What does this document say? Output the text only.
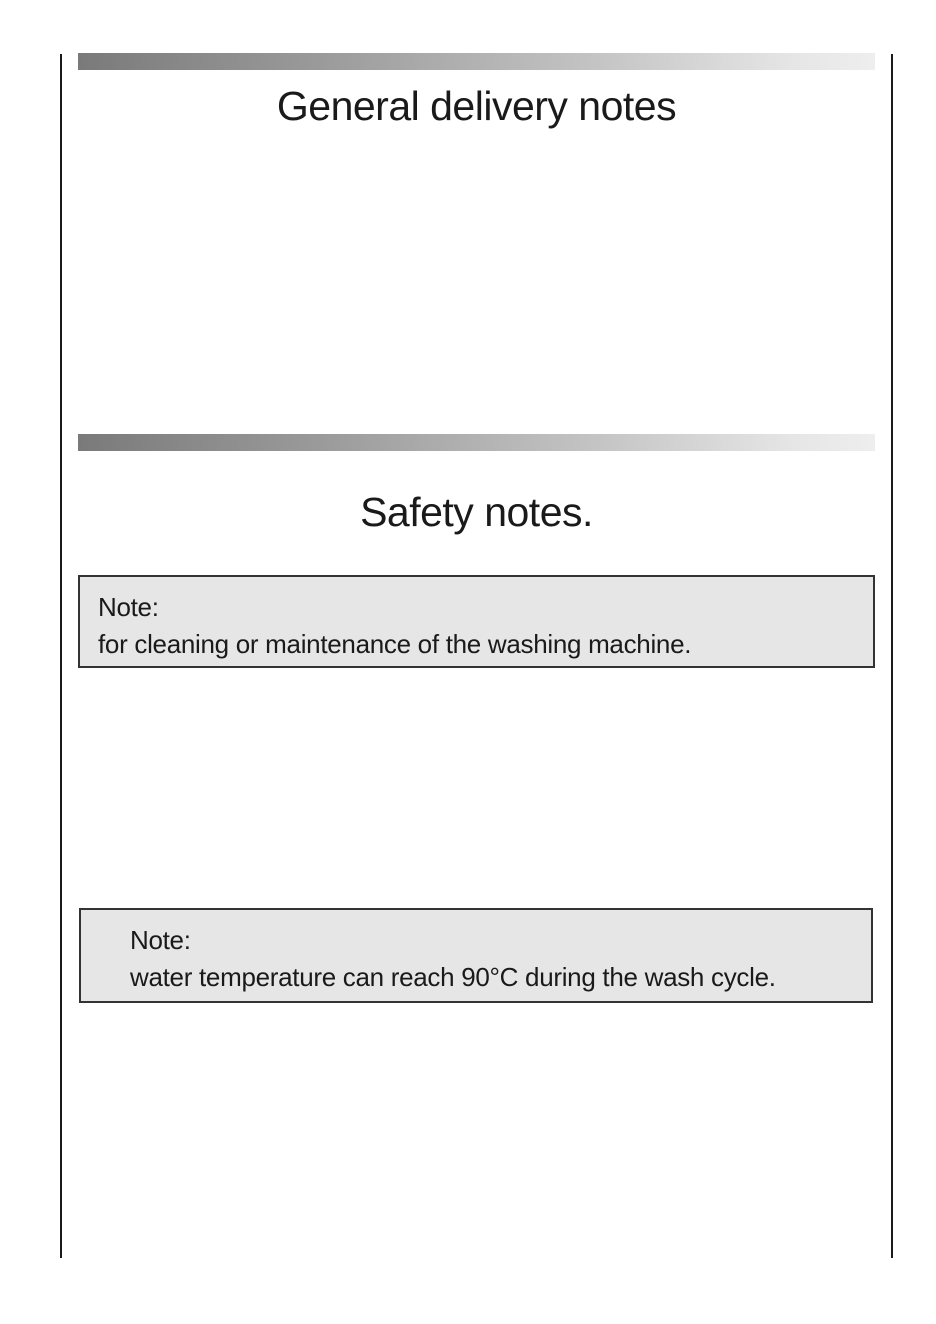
General delivery notes
Safety notes.
Note:
for cleaning or maintenance of the washing machine.
Note:
water temperature can reach 90°C during the wash cycle.
